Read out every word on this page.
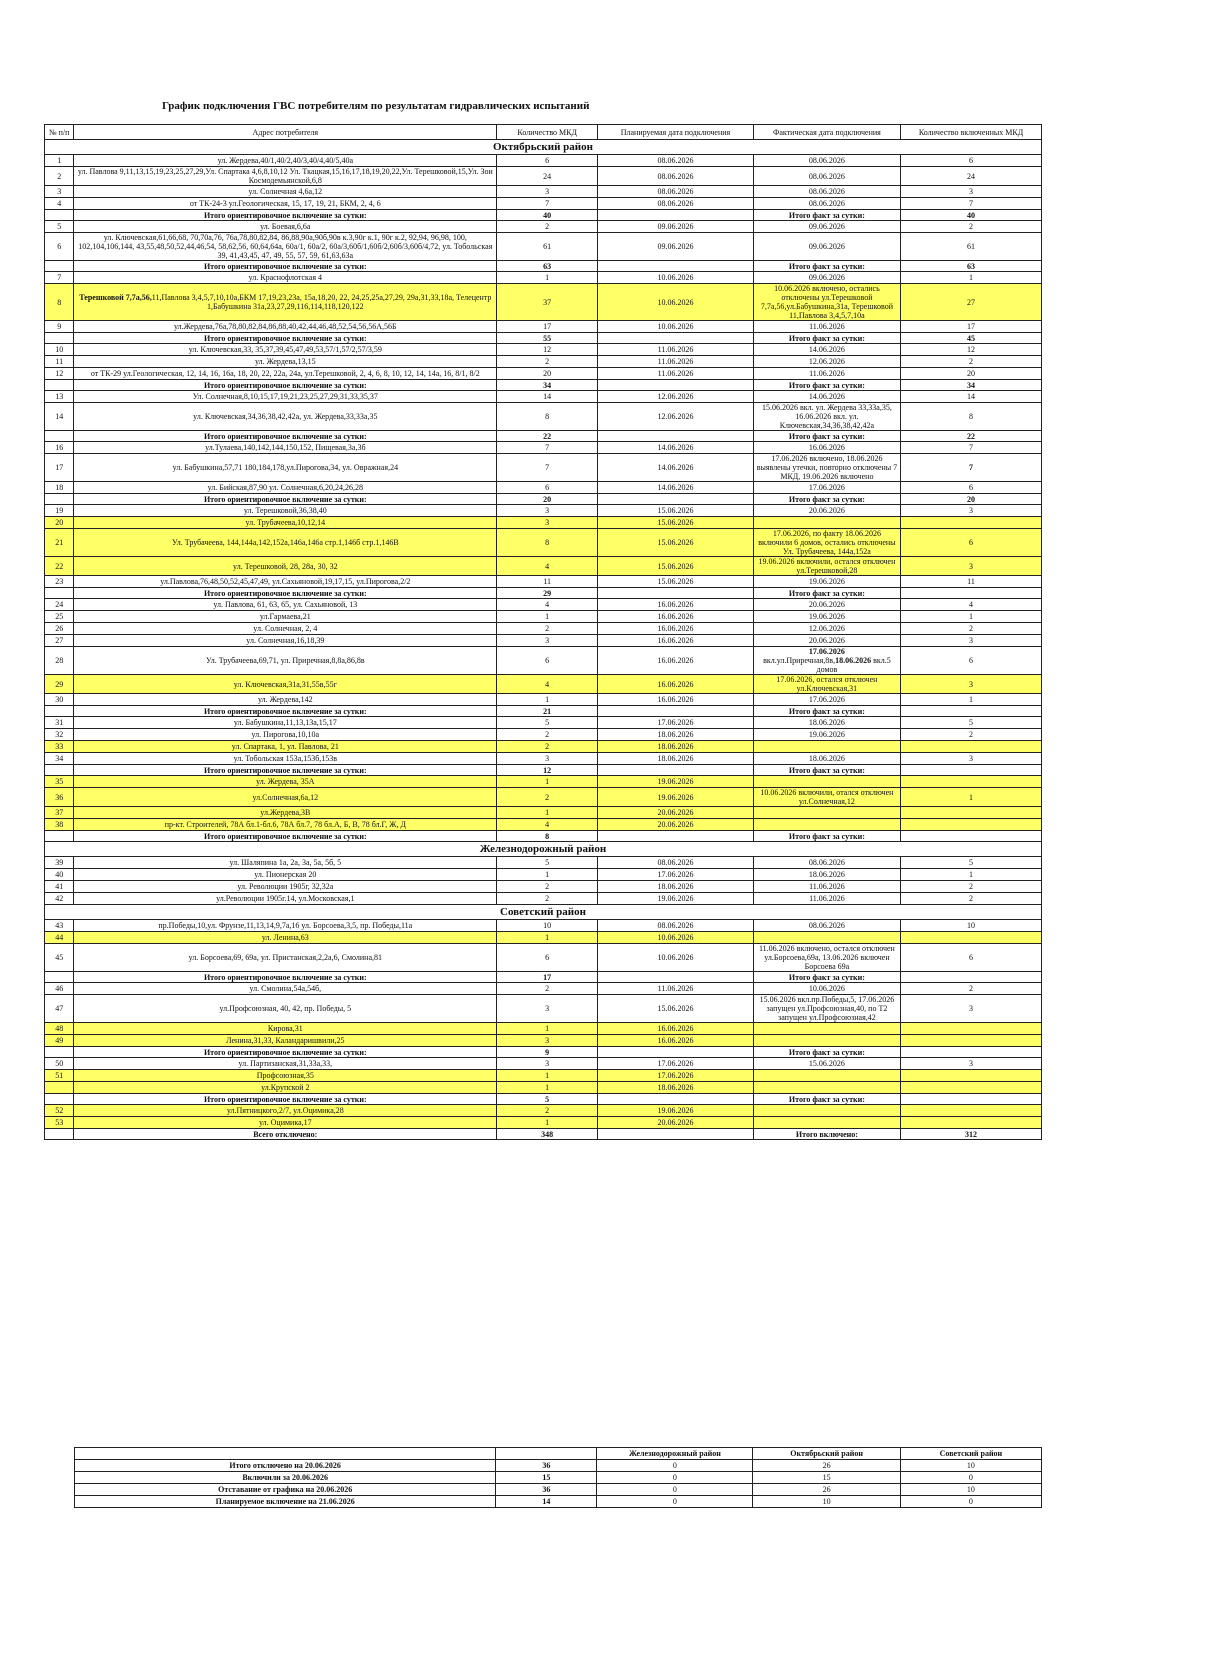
График подключения ГВС потребителям по результатам гидравлических испытаний
№ п/п	Адрес потребителя	Количество МКД	Планируемая дата подключения	Фактическая дата подключения	Количество включенных МКД
Октябрьский район					
1	ул. Жердева,40/1,40/2,40/3,40/4,40/5,40а	6	08.06.2026	08.06.2026	6
2	ул. Павлова 9,11,13,15,19,23,25,27,29,Ул. Спартака 4,6,8,10,12 Ул. Ткацкая,15,16,17,18,19,20,22,Ул. Терешковой,15,Ул. Зои Космодемьянской,6,8	24	08.06.2026	08.06.2026	24
3	ул. Солнечная 4,6а,12	3	08.06.2026	08.06.2026	3
4	от ТК-24-3 ул.Геологическая, 15, 17, 19, 21, БКМ, 2, 4, 6	7	08.06.2026	08.06.2026	7
	Итого ориентировочное включение за сутки:	40		Итого факт за сутки:	40
5	ул. Боевая,6,6а	2	09.06.2026	09.06.2026	2
6	ул. Ключевская,61,66,68, 70,70а,76, 76а,78,80,82,84, 86,88,90а,90б,90в к.3,90г к.1, 90г к.2, 92,94, 96,98, 100, 102,104,106,144, 43,55,48,50,52,44,46,54, 58,62,56, 60,64,64а, 60а/1, 60а/2, 60а/3,60б/1,60б/2,60б/3,60б/4,72, ул. Тобольская 39, 41,43,45, 47, 49, 55, 57, 59, 61,63,63а	61	09.06.2026	09.06.2026	61
	Итого ориентировочное включение за сутки:	63		Итого факт за сутки:	63
7	ул. Краснофлотская 4	1	10.06.2026	09.06.2026	1
8	Терешковой 7,7а,56,11,Павлова 3,4,5,7,10,10а,БКМ 17,19,23,23а, 15а,18,20, 22, 24,25,25а,27,29, 29а,31,33,18а, Телецентр 1,Бабушкина 31а,23,27,29,116,114,118,120,122	37	10.06.2026	10.06.2026 включено, остались отключены ул.Терешковой 7,7а,56,ул.Бабушкина,31а, Терешковой 11,Павлова 3,4,5,7,10а	27
9	ул.Жердева,76а,78,80,82,84,86,88,40,42,44,46,48,52,54,56,56А,56Б	17	10.06.2026	11.06.2026	17
	Итого ориентировочное включение за сутки:	55		Итого факт за сутки:	45
10	ул. Ключевская,33, 35,37,39,45,47,49,53,57/1,57/2,57/3,59	12	11.06.2026	14.06.2026	12
11	ул. Жердева,13,15	2	11.06.2026	12.06.2026	2
12	от ТК-29 ул.Геологическая, 12, 14, 16, 16а, 18, 20, 22, 22а, 24а, ул.Терешковой, 2, 4, 6, 8, 10, 12, 14, 14а, 16, 8/1, 8/2	20	11.06.2026	11.06.2026	20
	Итого ориентировочное включение за сутки:	34		Итого факт за сутки:	34
13	Ул. Солнечная,8,10,15,17,19,21,23,25,27,29,31,33,35,37	14	12.06.2026	14.06.2026	14
14	ул. Ключевская,34,36,38,42,42а, ул. Жердева,33,33а,35	8	12.06.2026	15.06.2026 вкл. ул. Жердева 33,33а,35, 16.06.2026 вкл. ул. Ключевская,34,36,38,42,42а	8
	Итого ориентировочное включение за сутки:	22		Итого факт за сутки:	22
16	ул.Тулаева,140,142,144,150,152, Пищевая,3а,3б	7	14.06.2026	16.06.2026	7
17	ул. Бабушкина,57,71 180,184,178,ул.Пирогова,34, ул. Овражная,24	7	14.06.2026	17.06.2026 включено, 18.06.2026 выявлены утечки, повторно отключены 7 МКД, 19.06.2026 включено	7
18	ул. Бийская,87,90 ул. Солнечная,6,20,24,26,28	6	14.06.2026	17.06.2026	6
	Итого ориентировочное включение за сутки:	20		Итого факт за сутки:	20
19	ул. Терешковой,36,38,40	3	15.06.2026	20.06.2026	3
20	ул. Трубачеева,10,12,14	3	15.06.2026		
21	Ул. Трубачеева, 144,144а,142,152а,146а,146а стр.1,146б стр.1,146В	8	15.06.2026	17.06.2026, по факту 18.06.2026 включили 6 домов, остались отключены Ул. Трубачеева, 144а,152а	6
22	ул. Терешковой, 28, 28а, 30, 32	4	15.06.2026	19.06.2026 включили, остался отключен ул.Терешковой,28	3
23	ул.Павлова,76,48,50,52,45,47,49, ул.Сахьяновой,19,17,15, ул.Пирогова,2/2	11	15.06.2026	19.06.2026	11
	Итого ориентировочное включение за сутки:	29		Итого факт за сутки:	
24	ул. Павлова, 61, 63, 65, ул. Сахьяновой, 13	4	16.06.2026	20.06.2026	4
25	ул.Гармаева,21	1	16.06.2026	19.06.2026	1
26	ул. Солнечная, 2, 4	2	16.06.2026	12.06.2026	2
27	ул. Солнечная,16,18,39	3	16.06.2026	20.06.2026	3
28	Ул. Трубачеева,69,71, ул. Приречная,8,8а,86,8в	6	16.06.2026	17.06.2026 вкл.ул.Приречная,8в,18.06.2026 вкл.5 домов	6
29	ул. Ключевская,31а,31,55в,55г	4	16.06.2026	17.06.2026, остался отключен ул.Ключевская,31	3
30	ул. Жердева,142	1	16.06.2026	17.06.2026	1
	Итого ориентировочное включение за сутки:	21		Итого факт за сутки:	
31	ул. Бабушкина,11,13,13а,15,17	5	17.06.2026	18.06.2026	5
32	ул. Пирогова,10,10а	2	18.06.2026	19.06.2026	2
33	ул. Спартака, 1, ул. Павлова, 21	2	18.06.2026		
34	ул. Тобольская 153а,153б,153в	3	18.06.2026	18.06.2026	3
	Итого ориентировочное включение за сутки:	12		Итого факт за сутки:	
35	ул. Жердева, 35А	1	19.06.2026		
36	ул.Солнечная,6а,12	2	19.06.2026	10.06.2026 включили, отался отключен ул.Солнечная,12	1
37	ул.Жердева,3В	1	20.06.2026		
38	пр-кт. Строителей, 78А бл.1-бл.6, 78А бл.7, 78 бл.А, Б, В, 78 бл.Г, Ж, Д	4	20.06.2026		
	Итого ориентировочное включение за сутки:	8		Итого факт за сутки:	
Железнодорожный район					
39	ул. Шаляпина 1а, 2а, 3а, 5а, 5б, 5	5	08.06.2026	08.06.2026	5
40	ул. Пионерская 20	1	17.06.2026	18.06.2026	1
41	ул. Революции 1905г, 32,32а	2	18.06.2026	11.06.2026	2
42	ул.Революции 1905г.14, ул.Московская,1	2	19.06.2026	11.06.2026	2
Советский район					
43	пр.Победы,10,ул. Фрунзе,11,13,14,9,7а,16 ул. Борсоева,3,5, пр. Победы,11а	10	08.06.2026	08.06.2026	10
44	ул. Ленина,63	1	10.06.2026		
45	ул. Борсоева,69, 69а, ул. Пристанская,2,2а,6, Смолина,81	6	10.06.2026	11.06.2026 включено, остался отключен ул.Борсоева,69а, 13.06.2026 включен Борсоева 69а	6
	Итого ориентировочное включение за сутки:	17		Итого факт за сутки:	
46	ул. Смолина,54а,54б,	2	11.06.2026	10.06.2026	2
47	ул.Профсоюзная, 40, 42, пр. Победы, 5	3	15.06.2026	15.06.2026 вкл.пр.Победы,5, 17.06.2026 запущен ул.Профсоюзная,40, по Т2 запущен ул.Профсоюзная,42	3
48	Кирова,31	1	16.06.2026		
49	Ленина,31,33, Каландаришвили,25	3	16.06.2026		
	Итого ориентировочное включение за сутки:	9		Итого факт за сутки:	
50	ул. Партизанская,31,33а,33,	3	17.06.2026	15.06.2026	3
51	Профсоюзная,35	1	17.06.2026		
	ул.Крупской 2	1	18.06.2026		
	Итого ориентировочное включение за сутки:	5		Итого факт за сутки:	
52	ул.Пятницкого,2/7, ул.Оцимика,28	2	19.06.2026		
53	ул. Оцимика,17	1	20.06.2026		
	Всего отключено:	348		Итого включено:	312
		Железнодорожный район	Октябрьский район	Советский район
Итого отключено на 20.06.2026	36	0	26	10
Включили за 20.06.2026	15	0	15	0
Отставание от графика на 20.06.2026	36	0	26	10
Планируемое включение на 21.06.2026	14	0	10	0
